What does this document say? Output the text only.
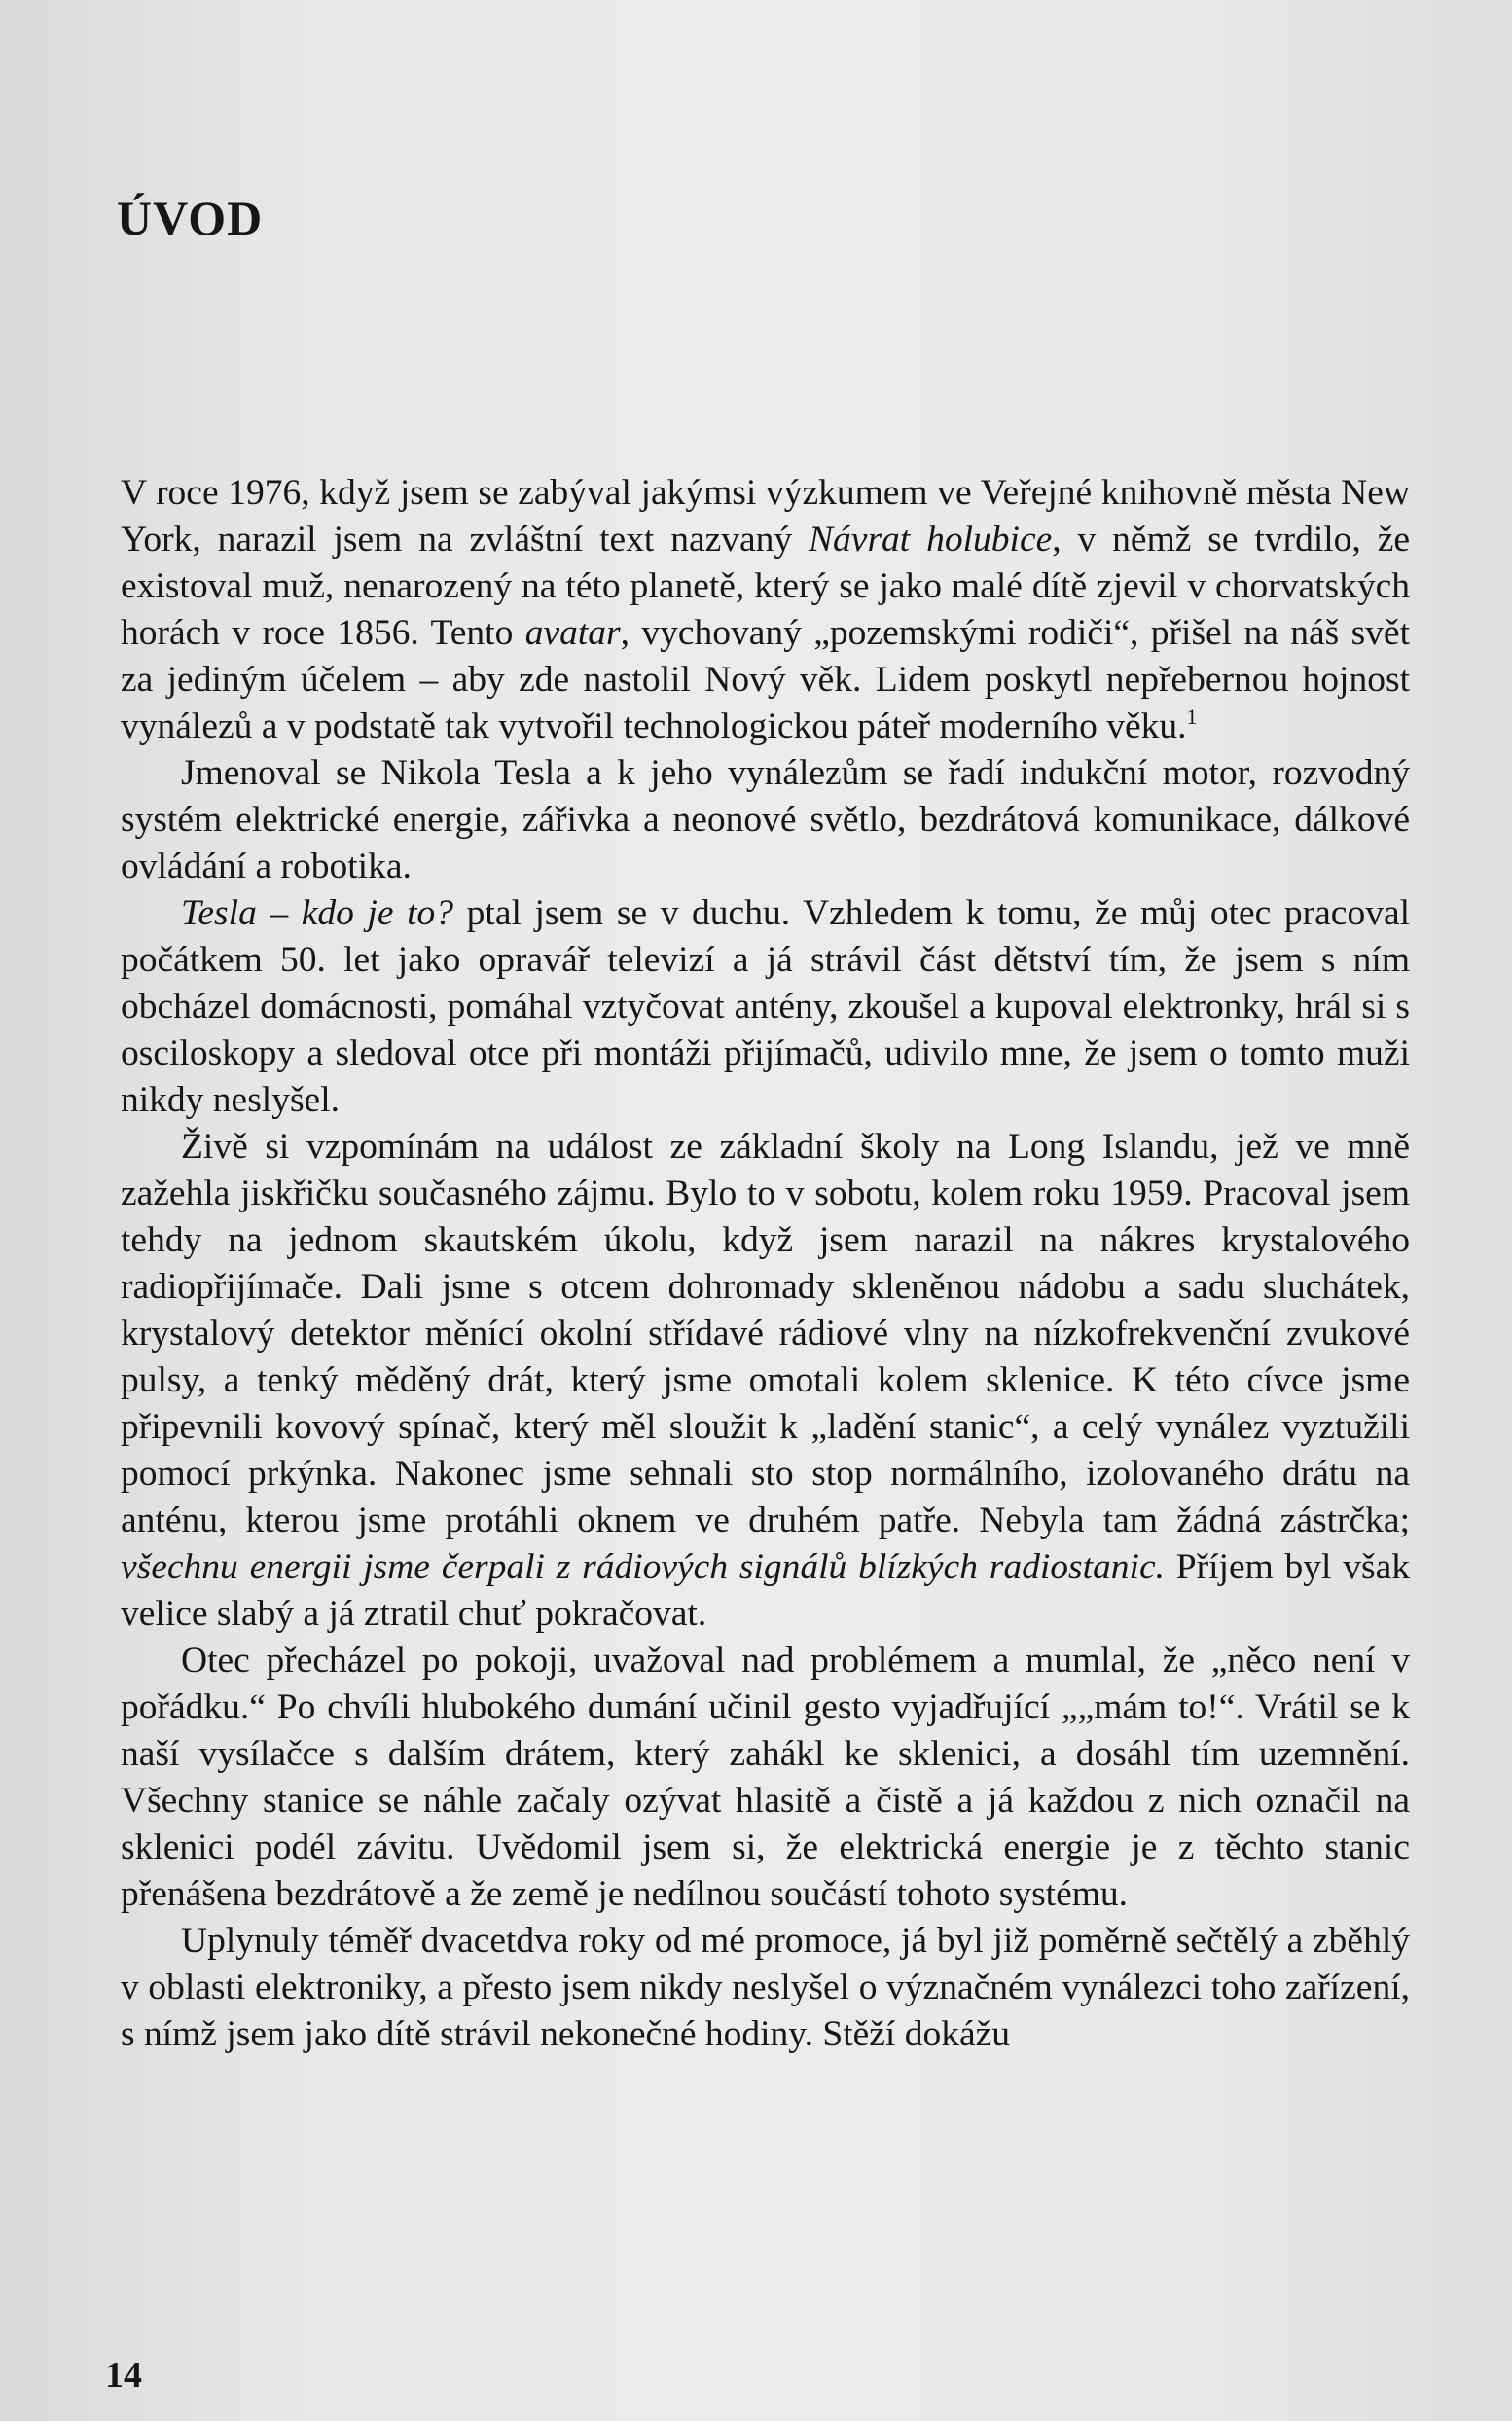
ÚVOD

V roce 1976, když jsem se zabýval jakýmsi výzkumem ve Veřejné knihovně města New York, narazil jsem na zvláštní text nazvaný Návrat holubice, v němž se tvrdilo, že existoval muž, nenarozený na této planetě, který se jako malé dítě zjevil v chorvatských horách v roce 1856. Tento avatar, vychovaný „pozemskými rodiči“, přišel na náš svět za jediným účelem – aby zde nastolil Nový věk. Lidem poskytl nepřebernou hojnost vynálezů a v podstatě tak vytvořil technologickou páteř moderního věku.$^1$

Jmenoval se Nikola Tesla a k jeho vynálezům se řadí indukční motor, rozvodný systém elektrické energie, zářivka a neonové světlo, bezdrátová komunikace, dálkové ovládání a robotika.

Tesla – kdo je to? ptal jsem se v duchu. Vzhledem k tomu, že můj otec pracoval počátkem 50. let jako opravář televizí a já strávil část dětství tím, že jsem s ním obcházel domácnosti, pomáhal vztyčovat antény, zkoušel a kupoval elektronky, hrál si s osciloskopy a sledoval otce při montáži přijímačů, udivilo mne, že jsem o tomto muži nikdy neslyšel.

Živě si vzpomínám na událost ze základní školy na Long Islandu, jež ve mně zažehla jiskřičku současného zájmu. Bylo to v sobotu, kolem roku 1959. Pracoval jsem tehdy na jednom skautském úkolu, když jsem narazil na nákres krystalového radiopřijímače. Dali jsme s otcem dohromady skleněnou nádobu a sadu sluchátek, krystalový detektor měnící okolní střídavé rádiové vlny na nízkofrekvenční zvukové pulsy, a tenký měděný drát, který jsme omotali kolem sklenice. K této cívce jsme připevnili kovový spínač, který měl sloužit k „ladění stanic“, a celý vynález vyztužili pomocí prkýnka. Nakonec jsme sehnali sto stop normálního, izolovaného drátu na anténu, kterou jsme protáhli oknem ve druhém patře. Nebyla tam žádná zástrčka; všechnu energii jsme čerpali z rádiových signálů blízkých radiostanic. Příjem byl však velice slabý a já ztratil chuť pokračovat.

Otec přecházel po pokoji, uvažoval nad problémem a mumlal, že „něco není v pořádku.“ Po chvíli hlubokého dumání učinil gesto vyjadřující „„mám to!“. Vrátil se k naší vysílačce s dalším drátem, který zahákl ke sklenici, a dosáhl tím uzemnění. Všechny stanice se náhle začaly ozývat hlasitě a čistě a já každou z nich označil na sklenici podél závitu. Uvědomil jsem si, že elektrická energie je z těchto stanic přenášena bezdrátově a že země je nedílnou součástí tohoto systému.

Uplynuly téměř dvacetdva roky od mé promoce, já byl již poměrně sečtělý a zběhlý v oblasti elektroniky, a přesto jsem nikdy neslyšel o význačném vynálezci toho zařízení, s nímž jsem jako dítě strávil nekonečné hodiny. Stěží dokážu

14
